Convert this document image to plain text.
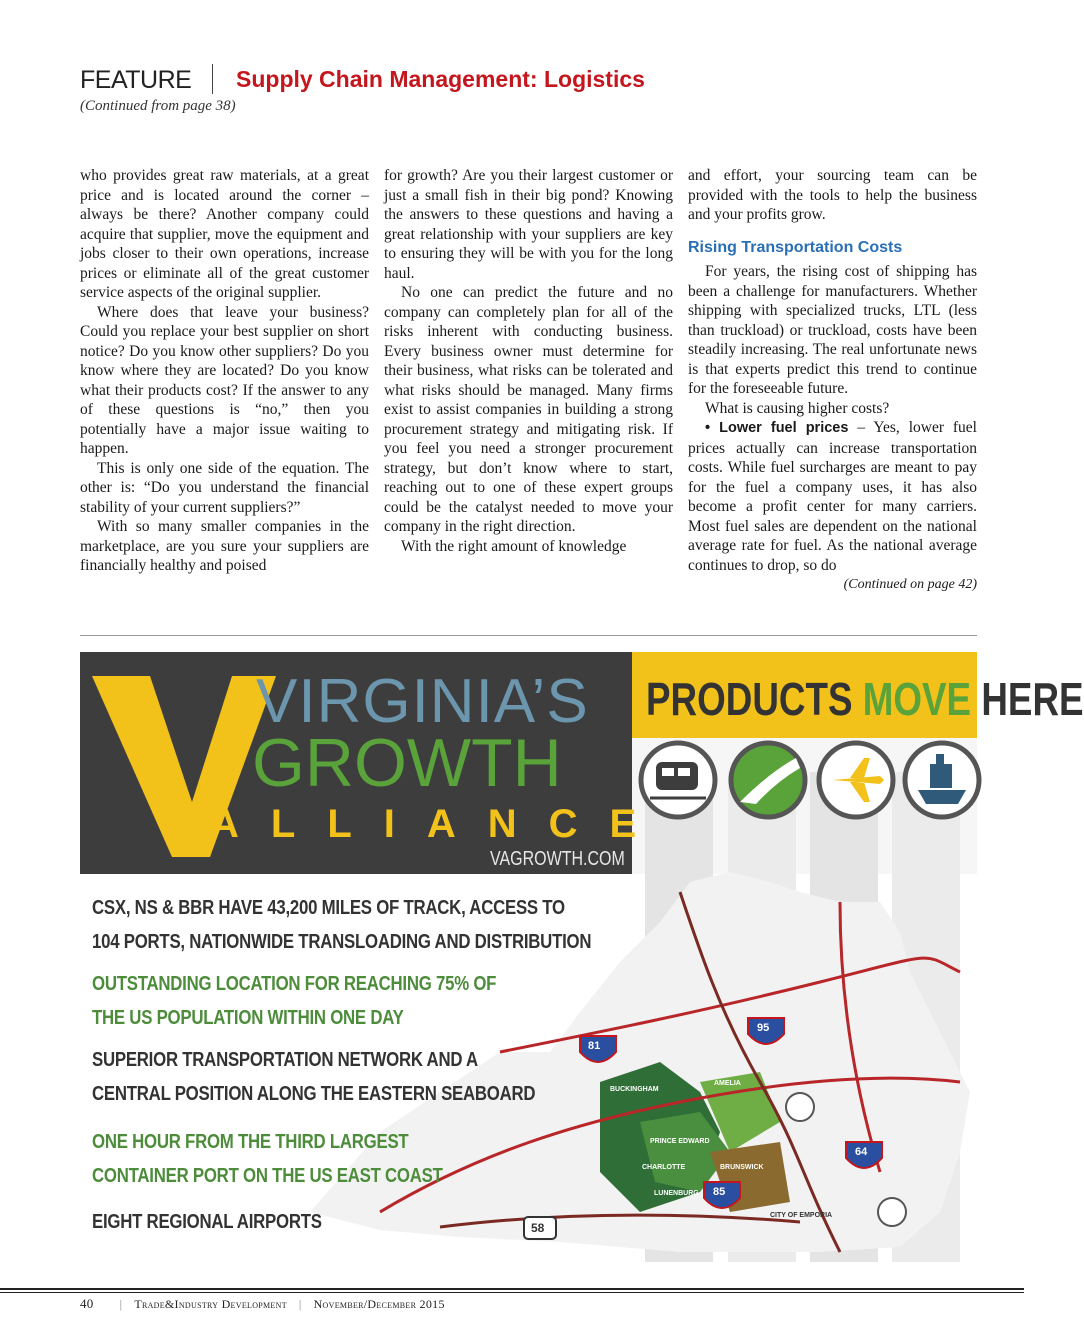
FEATURE Supply Chain Management: Logistics
(Continued from page 38)

who provides great raw materials, at a great price and is located around the corner – always be there? Another company could acquire that supplier, move the equipment and jobs closer to their own operations, increase prices or eliminate all of the great customer service aspects of the original supplier.

Where does that leave your business? Could you replace your best supplier on short notice? Do you know other suppliers? Do you know where they are located? Do you know what their products cost? If the answer to any of these questions is “no,” then you potentially have a major issue waiting to happen.

This is only one side of the equation. The other is: “Do you understand the financial stability of your current suppliers?”

With so many smaller companies in the marketplace, are you sure your suppliers are financially healthy and poised

for growth? Are you their largest customer or just a small fish in their big pond? Knowing the answers to these questions and having a great relationship with your suppliers are key to ensuring they will be with you for the long haul.

No one can predict the future and no company can completely plan for all of the risks inherent with conducting business. Every business owner must determine for their business, what risks can be tolerated and what risks should be managed. Many firms exist to assist companies in building a strong procurement strategy and mitigating risk. If you feel you need a stronger procurement strategy, but don’t know where to start, reaching out to one of these expert groups could be the catalyst needed to move your company in the right direction.

With the right amount of knowledge

and effort, your sourcing team can be provided with the tools to help the business and your profits grow.

Rising Transportation Costs

For years, the rising cost of shipping has been a challenge for manufacturers. Whether shipping with specialized trucks, LTL (less than truckload) or truckload, costs have been steadily increasing. The real unfortunate news is that experts predict this trend to continue for the foreseeable future.

What is causing higher costs?

• Lower fuel prices – Yes, lower fuel prices actually can increase transportation costs. While fuel surcharges are meant to pay for the fuel a company uses, it has also become a profit center for many carriers. Most fuel sales are dependent on the national average rate for fuel. As the national average continues to drop, so do
(Continued on page 42)

VIRGINIA’S
GROWTH
ALLIANCE
VAGROWTH.COM
PRODUCTS MOVE HERE
CSX, NS & BBR HAVE 43,200 MILES OF TRACK, ACCESS TO
104 PORTS, NATIONWIDE TRANSLOADING AND DISTRIBUTION
OUTSTANDING LOCATION FOR REACHING 75% OF
THE US POPULATION WITHIN ONE DAY
SUPERIOR TRANSPORTATION NETWORK AND A
CENTRAL POSITION ALONG THE EASTERN SEABOARD
ONE HOUR FROM THE THIRD LARGEST
CONTAINER PORT ON THE US EAST COAST
EIGHT REGIONAL AIRPORTS
81
95
85
64
58
BUCKINGHAM
AMELIA
PRINCE EDWARD
CHARLOTTE
LUNENBURG
BRUNSWICK
CITY OF EMPORIA
40 | Trade&Industry Development | November/December 2015
